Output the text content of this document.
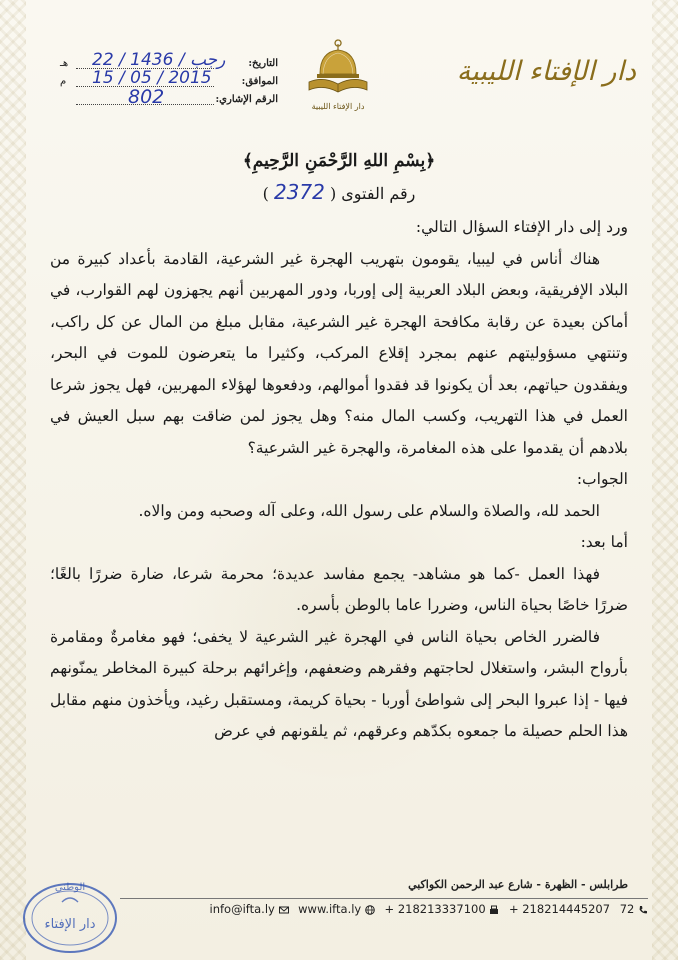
دار الإفتاء الليبية
دار الإفتاء الليبية
التاريخ:
22 / رجب / 1436
هـ
الموافق:
15 / 05 / 2015
م
الرقم الإشاري:
802
﴿بِسْمِ اللهِ الرَّحْمَنِ الرَّحِيمِ﴾
رقم الفتوى ( 2372 )

ورد إلى دار الإفتاء السؤال التالي:

هناك أناس في ليبيا، يقومون بتهريب الهجرة غير الشرعية، القادمة بأعداد كبيرة من البلاد الإفريقية، وبعض البلاد العربية إلى إوربا، ودور المهربين أنهم يجهزون لهم القوارب، في أماكن بعيدة عن رقابة مكافحة الهجرة غير الشرعية، مقابل مبلغ من المال عن كل راكب، وتنتهي مسؤوليتهم عنهم بمجرد إقلاع المركب، وكثيرا ما يتعرضون للموت في البحر، ويفقدون حياتهم، بعد أن يكونوا قد فقدوا أموالهم، ودفعوها لهؤلاء المهربين، فهل يجوز شرعا العمل في هذا التهريب، وكسب المال منه؟ وهل يجوز لمن ضاقت بهم سبل العيش في بلادهم أن يقدموا على هذه المغامرة، والهجرة غير الشرعية؟

الجواب:

الحمد لله، والصلاة والسلام على رسول الله، وعلى آله وصحبه ومن والاه.

أما بعد:

فهذا العمل -كما هو مشاهد- يجمع مفاسد عديدة؛ محرمة شرعا، ضارة ضررًا بالغًا؛ ضررًا خاصًا بحياة الناس، وضررا عاما بالوطن بأسره.

فالضرر الخاص بحياة الناس في الهجرة غير الشرعية لا يخفى؛ فهو مغامرةٌ ومقامرة بأرواح البشر، واستغلال لحاجتهم وفقرهم وضعفهم، وإغرائهم برحلة كبيرة المخاطر يمنّونهم فيها - إذا عبروا البحر إلى شواطئ أوربا - بحياة كريمة، ومستقبل رغيد، ويأخذون منهم مقابل هذا الحلم حصيلة ما جمعوه بكدّهم وعرقهم، ثم يلقونهم في عرض

الوطني
دار الإفتاء
طرابلس - الظهرة - شارع عبد الرحمن الكواكبي
info@ifta.ly www.ifta.ly + 218213337100 + 218214445207 72
